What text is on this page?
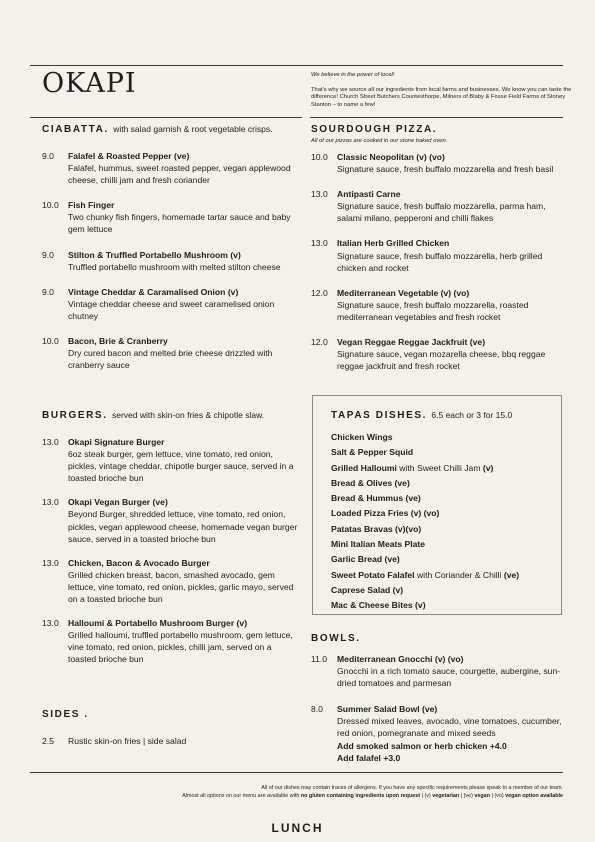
OKAPI	We believe in the power of local!
That's why we source all our ingredients from local farms and businesses. We know you can taste the difference! Church Street Butchers Countesthorpe, Milners of Blaby & Fosse Field Farms of Stoney Stanton – to name a few!
CIABATTA. with salad garnish & root vegetable crisps.
9.0	Falafel & Roasted Pepper (ve)
Falafel, hummus, sweet roasted pepper, vegan applewood cheese, chilli jam and fresh coriander
10.0	Fish Finger
Two chunky fish fingers, homemade tartar sauce and baby gem lettuce
9.0	Stilton & Truffled Portabello Mushroom (v)
Truffled portabello mushroom with melted stilton cheese
9.0	Vintage Cheddar & Caramalised Onion (v)
Vintage cheddar cheese and sweet caramelised onion chutney
10.0	Bacon, Brie & Cranberry
Dry cured bacon and melted brie cheese drizzled with cranberry sauce
BURGERS. served with skin-on fries & chipotle slaw.
13.0	Okapi Signature Burger
6oz steak burger, gem lettuce, vine tomato, red onion, pickles, vintage cheddar, chipotle burger sauce, served in a toasted brioche bun
13.0	Okapi Vegan Burger (ve)
Beyond Burger, shredded lettuce, vine tomato, red onion, pickles, vegan applewood cheese, homemade vegan burger sauce, served in a toasted brioche bun
13.0	Chicken, Bacon & Avocado Burger
Grilled chicken breast, bacon, smashed avocado, gem lettuce, vine tomato, red onion, pickles, garlic mayo, served on a toasted brioche bun
13.0	Halloumi & Portabello Mushroom Burger (v)
Grilled halloumi, truffled portabello mushroom, gem lettuce, vine tomato, red onion, pickles, chilli jam, served on a toasted brioche bun
SIDES .
2.5	Rustic skin-on fries | side salad
SOURDOUGH PIZZA.
All of our pizzas are cooked in our stone baked oven.
10.0	Classic Neopolitan (v) (vo)
Signature sauce, fresh buffalo mozzarella and fresh basil
13.0	Antipasti Carne
Signature sauce, fresh buffalo mozzarella, parma ham, salami milano, pepperoni and chilli flakes
13.0	Italian Herb Grilled Chicken
Signature sauce, fresh buffalo mozzarella, herb grilled chicken and rocket
12.0	Mediterranean Vegetable (v) (vo)
Signature sauce, fresh buffalo mozzarella, roasted mediterranean vegetables and fresh rocket
12.0	Vegan Reggae Reggae Jackfruit (ve)
Signature sauce, vegan mozarella cheese, bbq reggae reggae jackfruit and fresh rocket
TAPAS DISHES. 6.5 each or 3 for 15.0
Chicken Wings
Salt & Pepper Squid
Grilled Halloumi with Sweet Chilli Jam (v)
Bread & Olives (ve)
Bread & Hummus (ve)
Loaded Pizza Fries (v) (vo)
Patatas Bravas (v)(vo)
Mini Italian Meats Plate
Garlic Bread (ve)
Sweet Potato Falafel with Coriander & Chilli (ve)
Caprese Salad (v)
Mac & Cheese Bites (v)
BOWLS.
11.0	Mediterranean Gnocchi (v) (vo)
Gnocchi in a rich tomato sauce, courgette, aubergine, sun-dried tomatoes and parmesan
8.0	Summer Salad Bowl (ve)
Dressed mixed leaves, avocado, vine tomatoes, cucumber, red onion, pomegranate and mixed seeds
Add smoked salmon or herb chicken +4.0
Add falafel +3.0
All of our dishes may contain traces of allergens. If you have any specific requirements please speak to a member of our team.
Almost all options on our menu are available with no gluten containing ingredients upon request | (v) vegetarian | (ve) vegan | (vo) vegan option available
LUNCH
